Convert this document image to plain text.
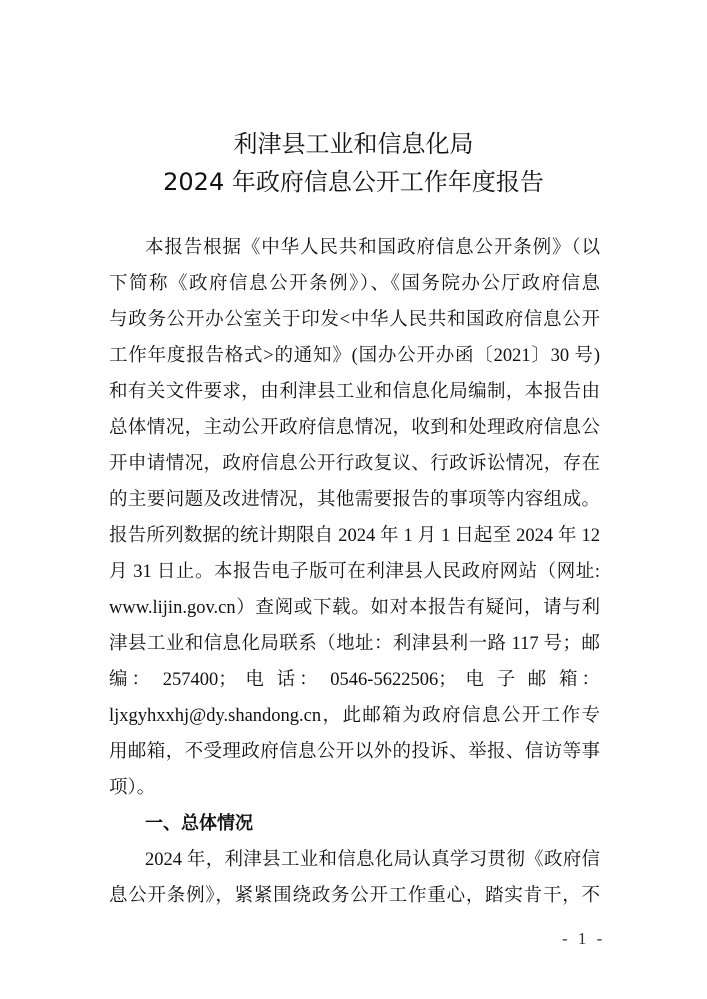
利津县工业和信息化局
2024 年政府信息公开工作年度报告
本报告根据《中华人民共和国政府信息公开条例》（以
下简称《政府信息公开条例》）、《国务院办公厅政府信息
与政务公开办公室关于印发<中华人民共和国政府信息公开
工作年度报告格式>的通知》(国办公开办函〔2021〕30 号)
和有关文件要求，由利津县工业和信息化局编制，本报告由
总体情况，主动公开政府信息情况，收到和处理政府信息公
开申请情况，政府信息公开行政复议、行政诉讼情况，存在
的主要问题及改进情况，其他需要报告的事项等内容组成。
报告所列数据的统计期限自 2024 年 1 月 1 日起至 2024 年 12
月 31 日止。本报告电子版可在利津县人民政府网站（网址:
www.lijin.gov.cn）查阅或下载。如对本报告有疑问，请与利
津县工业和信息化局联系（地址：利津县利一路 117 号；邮
编： 257400； 电 话： 0546-5622506； 电 子 邮 箱：
ljxgyhxxhj@dy.shandong.cn，此邮箱为政府信息公开工作专
用邮箱，不受理政府信息公开以外的投诉、举报、信访等事
项）。
一、总体情况
2024 年，利津县工业和信息化局认真学习贯彻《政府信
息公开条例》，紧紧围绕政务公开工作重心，踏实肯干，不
- 1 -
